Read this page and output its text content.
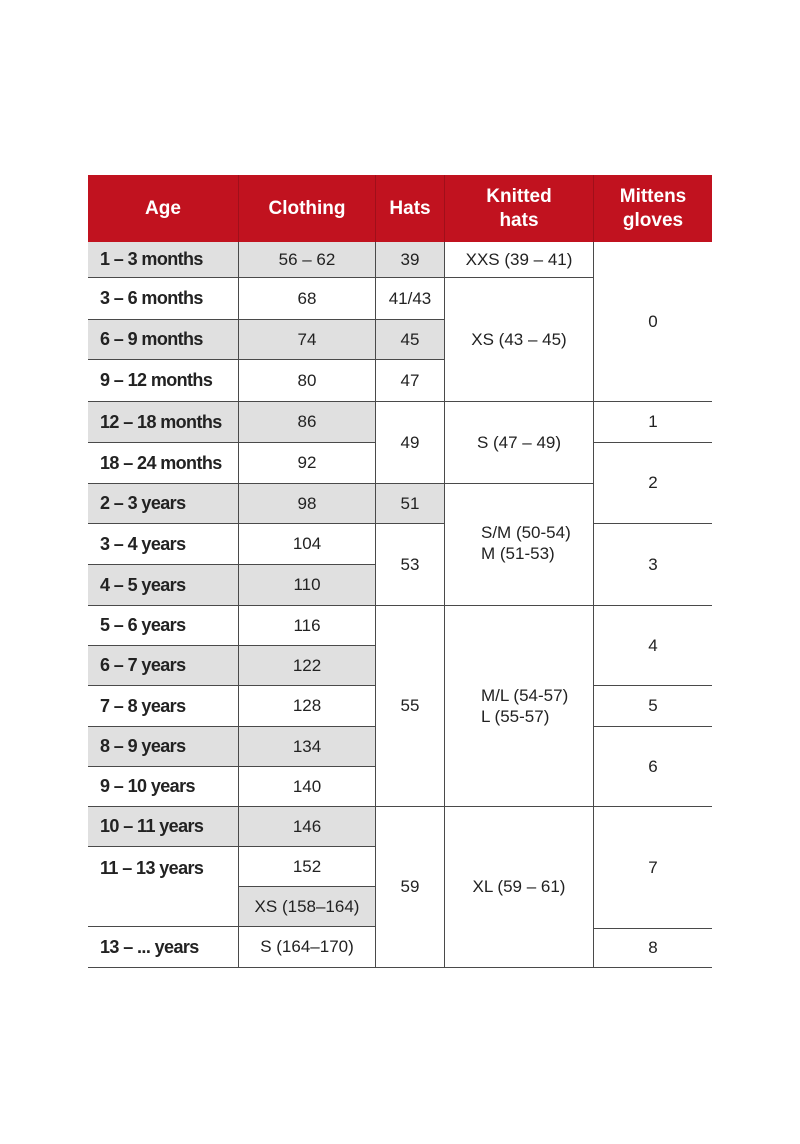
Age	Clothing Hats
Knitted
hats
Mittens
gloves
1 – 3 months
3 – 6 months
6 – 9 months
9 – 12 months
12 – 18 months
18 – 24 months
2 – 3 years
3 – 4 years
4 – 5 years
5 – 6 years
6 – 7 years
7 – 8 years
8 – 9 years
9 – 10 years
10 – 11 years
11 – 13 years
13 – ... years
56 – 62
68
74
80
86
92
98
104
110
116
122
128
134
140
146
152
XS (158–164)
S (164–170)
39
41/43
45
47
49
51
53
55
59
XXS (39 – 41)
XS (43 – 45)
S (47 – 49)
S/M (50-54)
M (51-53)
M/L (54-57)
L (55-57)
XL (59 – 61)
0
1
2
3
4
5
6
7
8
